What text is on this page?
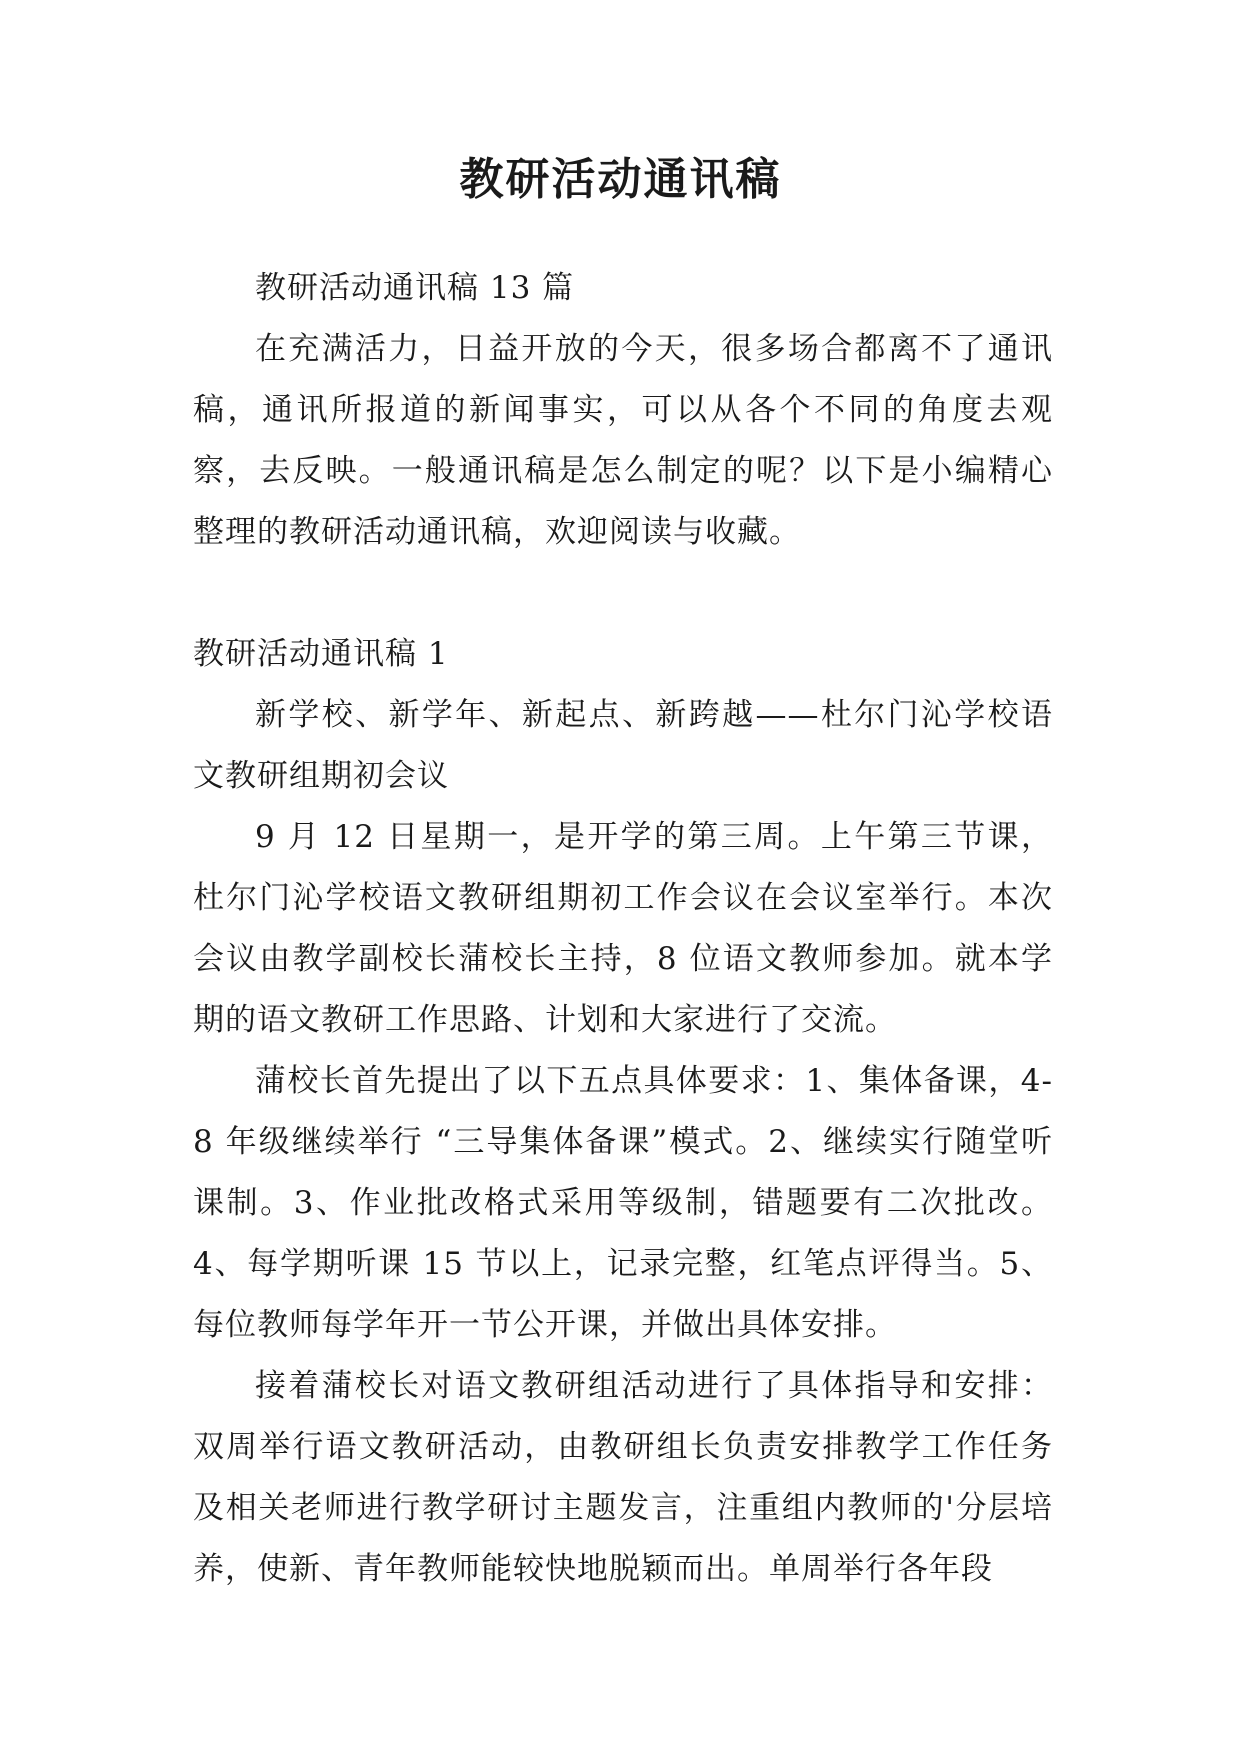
教研活动通讯稿

教研活动通讯稿 13 篇

在充满活力，日益开放的今天，很多场合都离不了通讯稿，通讯所报道的新闻事实，可以从各个不同的角度去观察，去反映。一般通讯稿是怎么制定的呢？以下是小编精心整理的教研活动通讯稿，欢迎阅读与收藏。

教研活动通讯稿 1

新学校、新学年、新起点、新跨越——杜尔门沁学校语文教研组期初会议

9 月 12 日星期一，是开学的第三周。上午第三节课，杜尔门沁学校语文教研组期初工作会议在会议室举行。本次会议由教学副校长蒲校长主持，8 位语文教师参加。就本学期的语文教研工作思路、计划和大家进行了交流。

蒲校长首先提出了以下五点具体要求：1、集体备课，4-8 年级继续举行 “三导集体备课”模式。2、继续实行随堂听课制。3、作业批改格式采用等级制，错题要有二次批改。4、每学期听课 15 节以上，记录完整，红笔点评得当。5、每位教师每学年开一节公开课，并做出具体安排。

接着蒲校长对语文教研组活动进行了具体指导和安排：双周举行语文教研活动，由教研组长负责安排教学工作任务及相关老师进行教学研讨主题发言，注重组内教师的'分层培养，使新、青年教师能较快地脱颖而出。单周举行各年段
